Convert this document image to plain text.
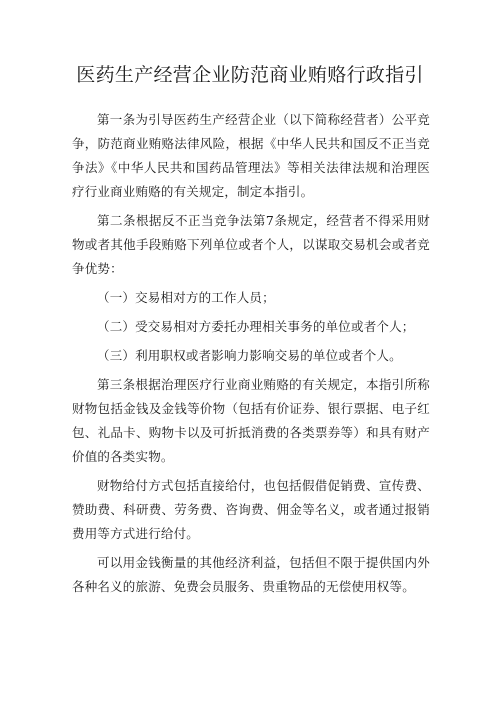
医药生产经营企业防范商业贿赂行政指引

第一条为引导医药生产经营企业（以下简称经营者）公平竞争，防范商业贿赂法律风险，根据《中华人民共和国反不正当竞争法》《中华人民共和国药品管理法》等相关法律法规和治理医疗行业商业贿赂的有关规定，制定本指引。

第二条根据反不正当竞争法第7条规定，经营者不得采用财物或者其他手段贿赂下列单位或者个人，以谋取交易机会或者竞争优势：

（一）交易相对方的工作人员；

（二）受交易相对方委托办理相关事务的单位或者个人；

（三）利用职权或者影响力影响交易的单位或者个人。

第三条根据治理医疗行业商业贿赂的有关规定，本指引所称财物包括金钱及金钱等价物（包括有价证券、银行票据、电子红包、礼品卡、购物卡以及可折抵消费的各类票券等）和具有财产价值的各类实物。

财物给付方式包括直接给付，也包括假借促销费、宣传费、赞助费、科研费、劳务费、咨询费、佣金等名义，或者通过报销费用等方式进行给付。

可以用金钱衡量的其他经济利益，包括但不限于提供国内外各种名义的旅游、免费会员服务、贵重物品的无偿使用权等。
